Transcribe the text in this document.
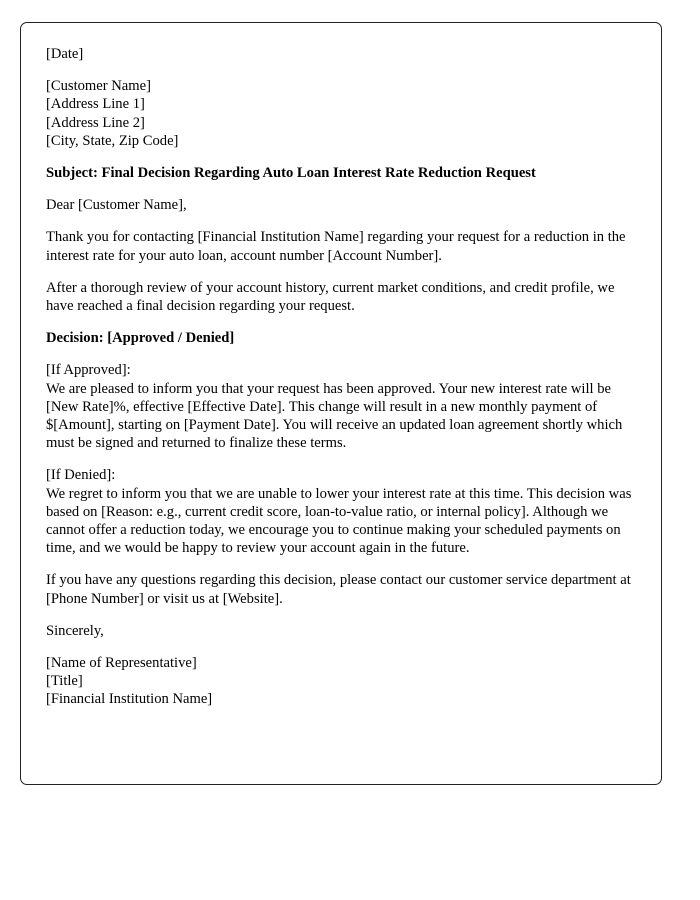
[Date]

[Customer Name]
[Address Line 1]
[Address Line 2]
[City, State, Zip Code]

Subject: Final Decision Regarding Auto Loan Interest Rate Reduction Request

Dear [Customer Name],

Thank you for contacting [Financial Institution Name] regarding your request for a reduction in the interest rate for your auto loan, account number [Account Number].

After a thorough review of your account history, current market conditions, and credit profile, we have reached a final decision regarding your request.

Decision: [Approved / Denied]

[If Approved]:
We are pleased to inform you that your request has been approved. Your new interest rate will be [New Rate]%, effective [Effective Date]. This change will result in a new monthly payment of $[Amount], starting on [Payment Date]. You will receive an updated loan agreement shortly which must be signed and returned to finalize these terms.
[If Denied]:
We regret to inform you that we are unable to lower your interest rate at this time. This decision was based on [Reason: e.g., current credit score, loan-to-value ratio, or internal policy]. Although we cannot offer a reduction today, we encourage you to continue making your scheduled payments on time, and we would be happy to review your account again in the future.

If you have any questions regarding this decision, please contact our customer service department at [Phone Number] or visit us at [Website].

Sincerely,

[Name of Representative]
[Title]
[Financial Institution Name]
